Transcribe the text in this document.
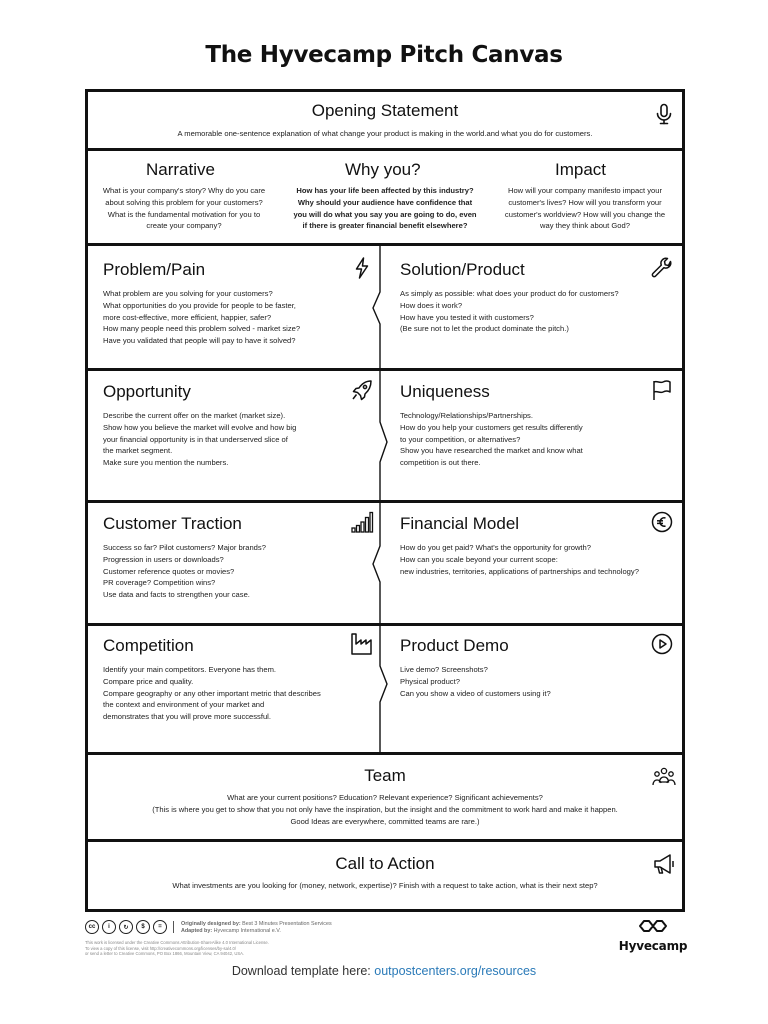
The Hyvecamp Pitch Canvas
Opening Statement
A memorable one-sentence explanation of what change your product is making in the world.and what you do for customers.
Narrative
What is your company's story? Why do you care
about solving this problem for your customers?
What is the fundamental motivation for you to
create your company?
Why you?
How has your life been affected by this industry?
Why should your audience have confidence that
you will do what you say you are going to do, even
if there is greater financial benefit elsewhere?
Impact
How will your company manifesto impact your
customer's lives? How will you transform your
customer's worldview? How will you change the
way they think about God?
Problem/Pain
What problem are you solving for your customers?
What opportunities do you provide for people to be faster,
more cost-effective, more efficient, happier, safer?
How many people need this problem solved - market size?
Have you validated that people will pay to have it solved?
Solution/Product
As simply as possible: what does your product do for customers?
How does it work?
How have you tested it with customers?
(Be sure not to let the product dominate the pitch.)
Opportunity
Describe the current offer on the market (market size).
Show how you believe the market will evolve and how big
your financial opportunity is in that underserved slice of
the market segment.
Make sure you mention the numbers.
Uniqueness
Technology/Relationships/Partnerships.
How do you help your customers get results differently
to your competition, or alternatives?
Show you have researched the market and know what
competition is out there.
Customer Traction
Success so far? Pilot customers? Major brands?
Progression in users or downloads?
Customer reference quotes or movies?
PR coverage? Competition wins?
Use data and facts to strengthen your case.
Financial Model
How do you get paid? What's the opportunity for growth?
How can you scale beyond your current scope:
new industries, territories, applications of partnerships and technology?
Competition
Identify your main competitors. Everyone has them.
Compare price and quality.
Compare geography or any other important metric that describes
the context and environment of your market and
demonstrates that you will prove more successful.
Product Demo
Live demo? Screenshots?
Physical product?
Can you show a video of customers using it?
Team
What are your current positions? Education? Relevant experience? Significant achievements?
(This is where you get to show that you not only have the inspiration, but the insight and the commitment to work hard and make it happen.
Good Ideas are everywhere, committed teams are rare.)
Call to Action
What investments are you looking for (money, network, expertise)? Finish with a request to take action, what is their next step?
cc	i	↻	$	=	Originally designed by: Best 3 Minutes Presentation Services
Adapted by: Hyvecamp International e.V.
This work is licensed under the Creative Commons Attribution-ShareAlike 4.0 International License.
To view a copy of this license, visit http://creativecommons.org/licenses/by-sa/4.0/
or send a letter to Creative Commons, PO Box 1866, Mountain View, CA 94042, USA.
Hyvecamp
Download template here: outpostcenters.org/resources
